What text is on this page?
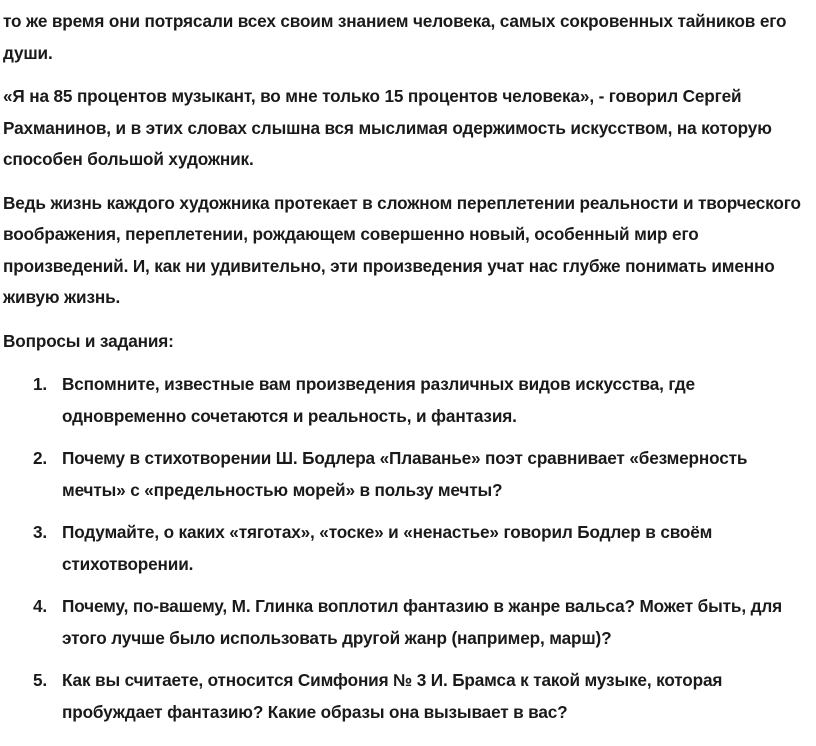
то же время они потрясали всех своим знанием человека, самых сокровенных тайников его души.

«Я на 85 процентов музыкант, во мне только 15 процентов человека», - говорил Сергей Рахманинов, и в этих словах слышна вся мыслимая одержимость искусством, на которую способен большой художник.

Ведь жизнь каждого художника протекает в сложном переплетении реальности и творческого воображения, переплетении, рождающем совершенно новый, особенный мир его произведений. И, как ни удивительно, эти произведения учат нас глубже понимать именно живую жизнь.

Вопросы и задания:

1. Вспомните, известные вам произведения различных видов искусства, где одновременно сочетаются и реальность, и фантазия.
2. Почему в стихотворении Ш. Бодлера «Плаванье» поэт сравнивает «безмерность мечты» с «предельностью морей» в пользу мечты?
3. Подумайте, о каких «тяготах», «тоске» и «ненастье» говорил Бодлер в своём стихотворении.
4. Почему, по-вашему, М. Глинка воплотил фантазию в жанре вальса? Может быть, для этого лучше было использовать другой жанр (например, марш)?
5. Как вы считаете, относится Симфония № 3 И. Брамса к такой музыке, которая пробуждает фантазию? Какие образы она вызывает в вас?
